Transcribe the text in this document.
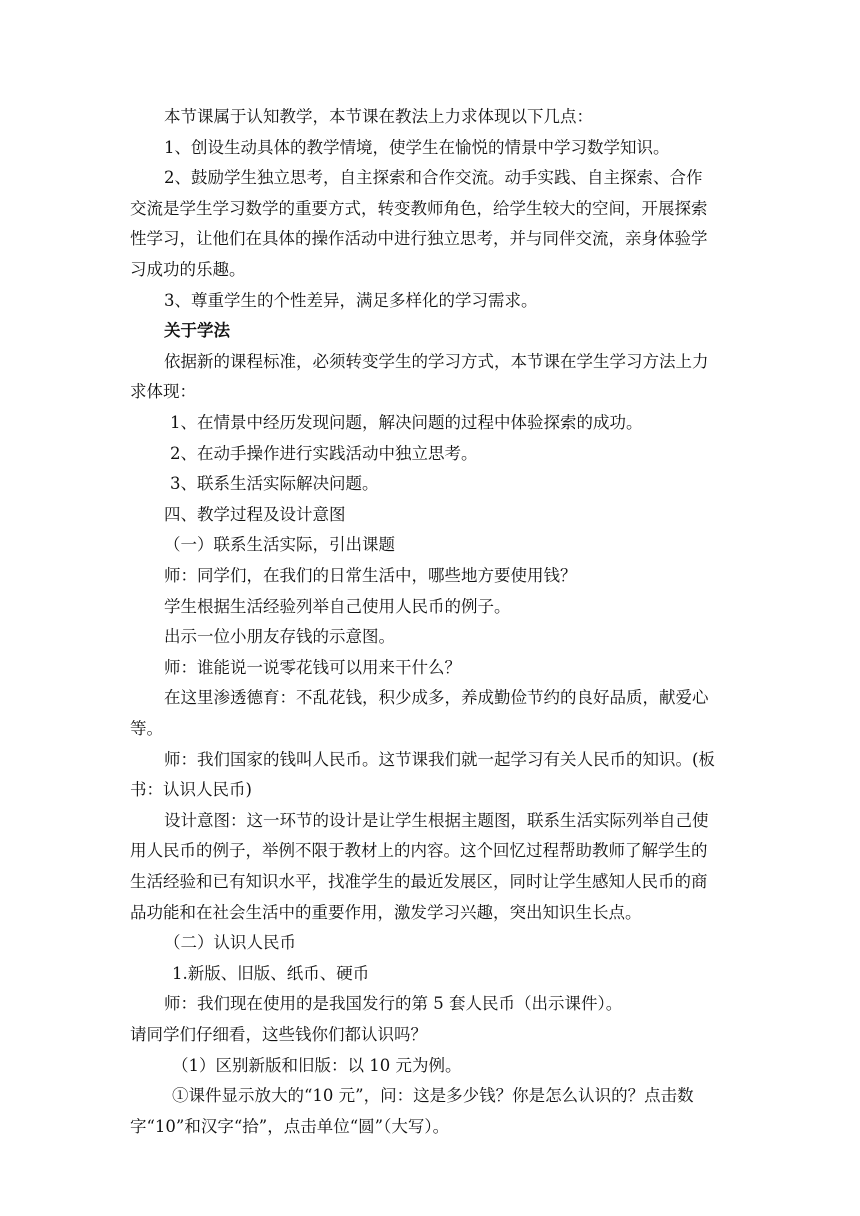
本节课属于认知教学，本节课在教法上力求体现以下几点：
1、创设生动具体的教学情境，使学生在愉悦的情景中学习数学知识。
2、鼓励学生独立思考，自主探索和合作交流。动手实践、自主探索、合作
交流是学生学习数学的重要方式，转变教师角色，给学生较大的空间，开展探索
性学习，让他们在具体的操作活动中进行独立思考，并与同伴交流，亲身体验学
习成功的乐趣。
3、尊重学生的个性差异，满足多样化的学习需求。
关于学法
依据新的课程标准，必须转变学生的学习方式，本节课在学生学习方法上力
求体现：
1、在情景中经历发现问题，解决问题的过程中体验探索的成功。
2、在动手操作进行实践活动中独立思考。
3、联系生活实际解决问题。
四、教学过程及设计意图
（一）联系生活实际，引出课题
师：同学们，在我们的日常生活中，哪些地方要使用钱？
学生根据生活经验列举自己使用人民币的例子。
出示一位小朋友存钱的示意图。
师：谁能说一说零花钱可以用来干什么？
在这里渗透德育：不乱花钱，积少成多，养成勤俭节约的良好品质，献爱心
等。
师：我们国家的钱叫人民币。这节课我们就一起学习有关人民币的知识。(板
书：认识人民币)
设计意图：这一环节的设计是让学生根据主题图，联系生活实际列举自己使
用人民币的例子，举例不限于教材上的内容。这个回忆过程帮助教师了解学生的
生活经验和已有知识水平，找准学生的最近发展区，同时让学生感知人民币的商
品功能和在社会生活中的重要作用，激发学习兴趣，突出知识生长点。
（二）认识人民币
1.新版、旧版、纸币、硬币
师：我们现在使用的是我国发行的第 5 套人民币（出示课件）。
请同学们仔细看，这些钱你们都认识吗？
（1）区别新版和旧版：以 10 元为例。
①课件显示放大的“10 元”，问：这是多少钱？你是怎么认识的？点击数
字“10”和汉字“拾”，点击单位“圆”（大写）。
